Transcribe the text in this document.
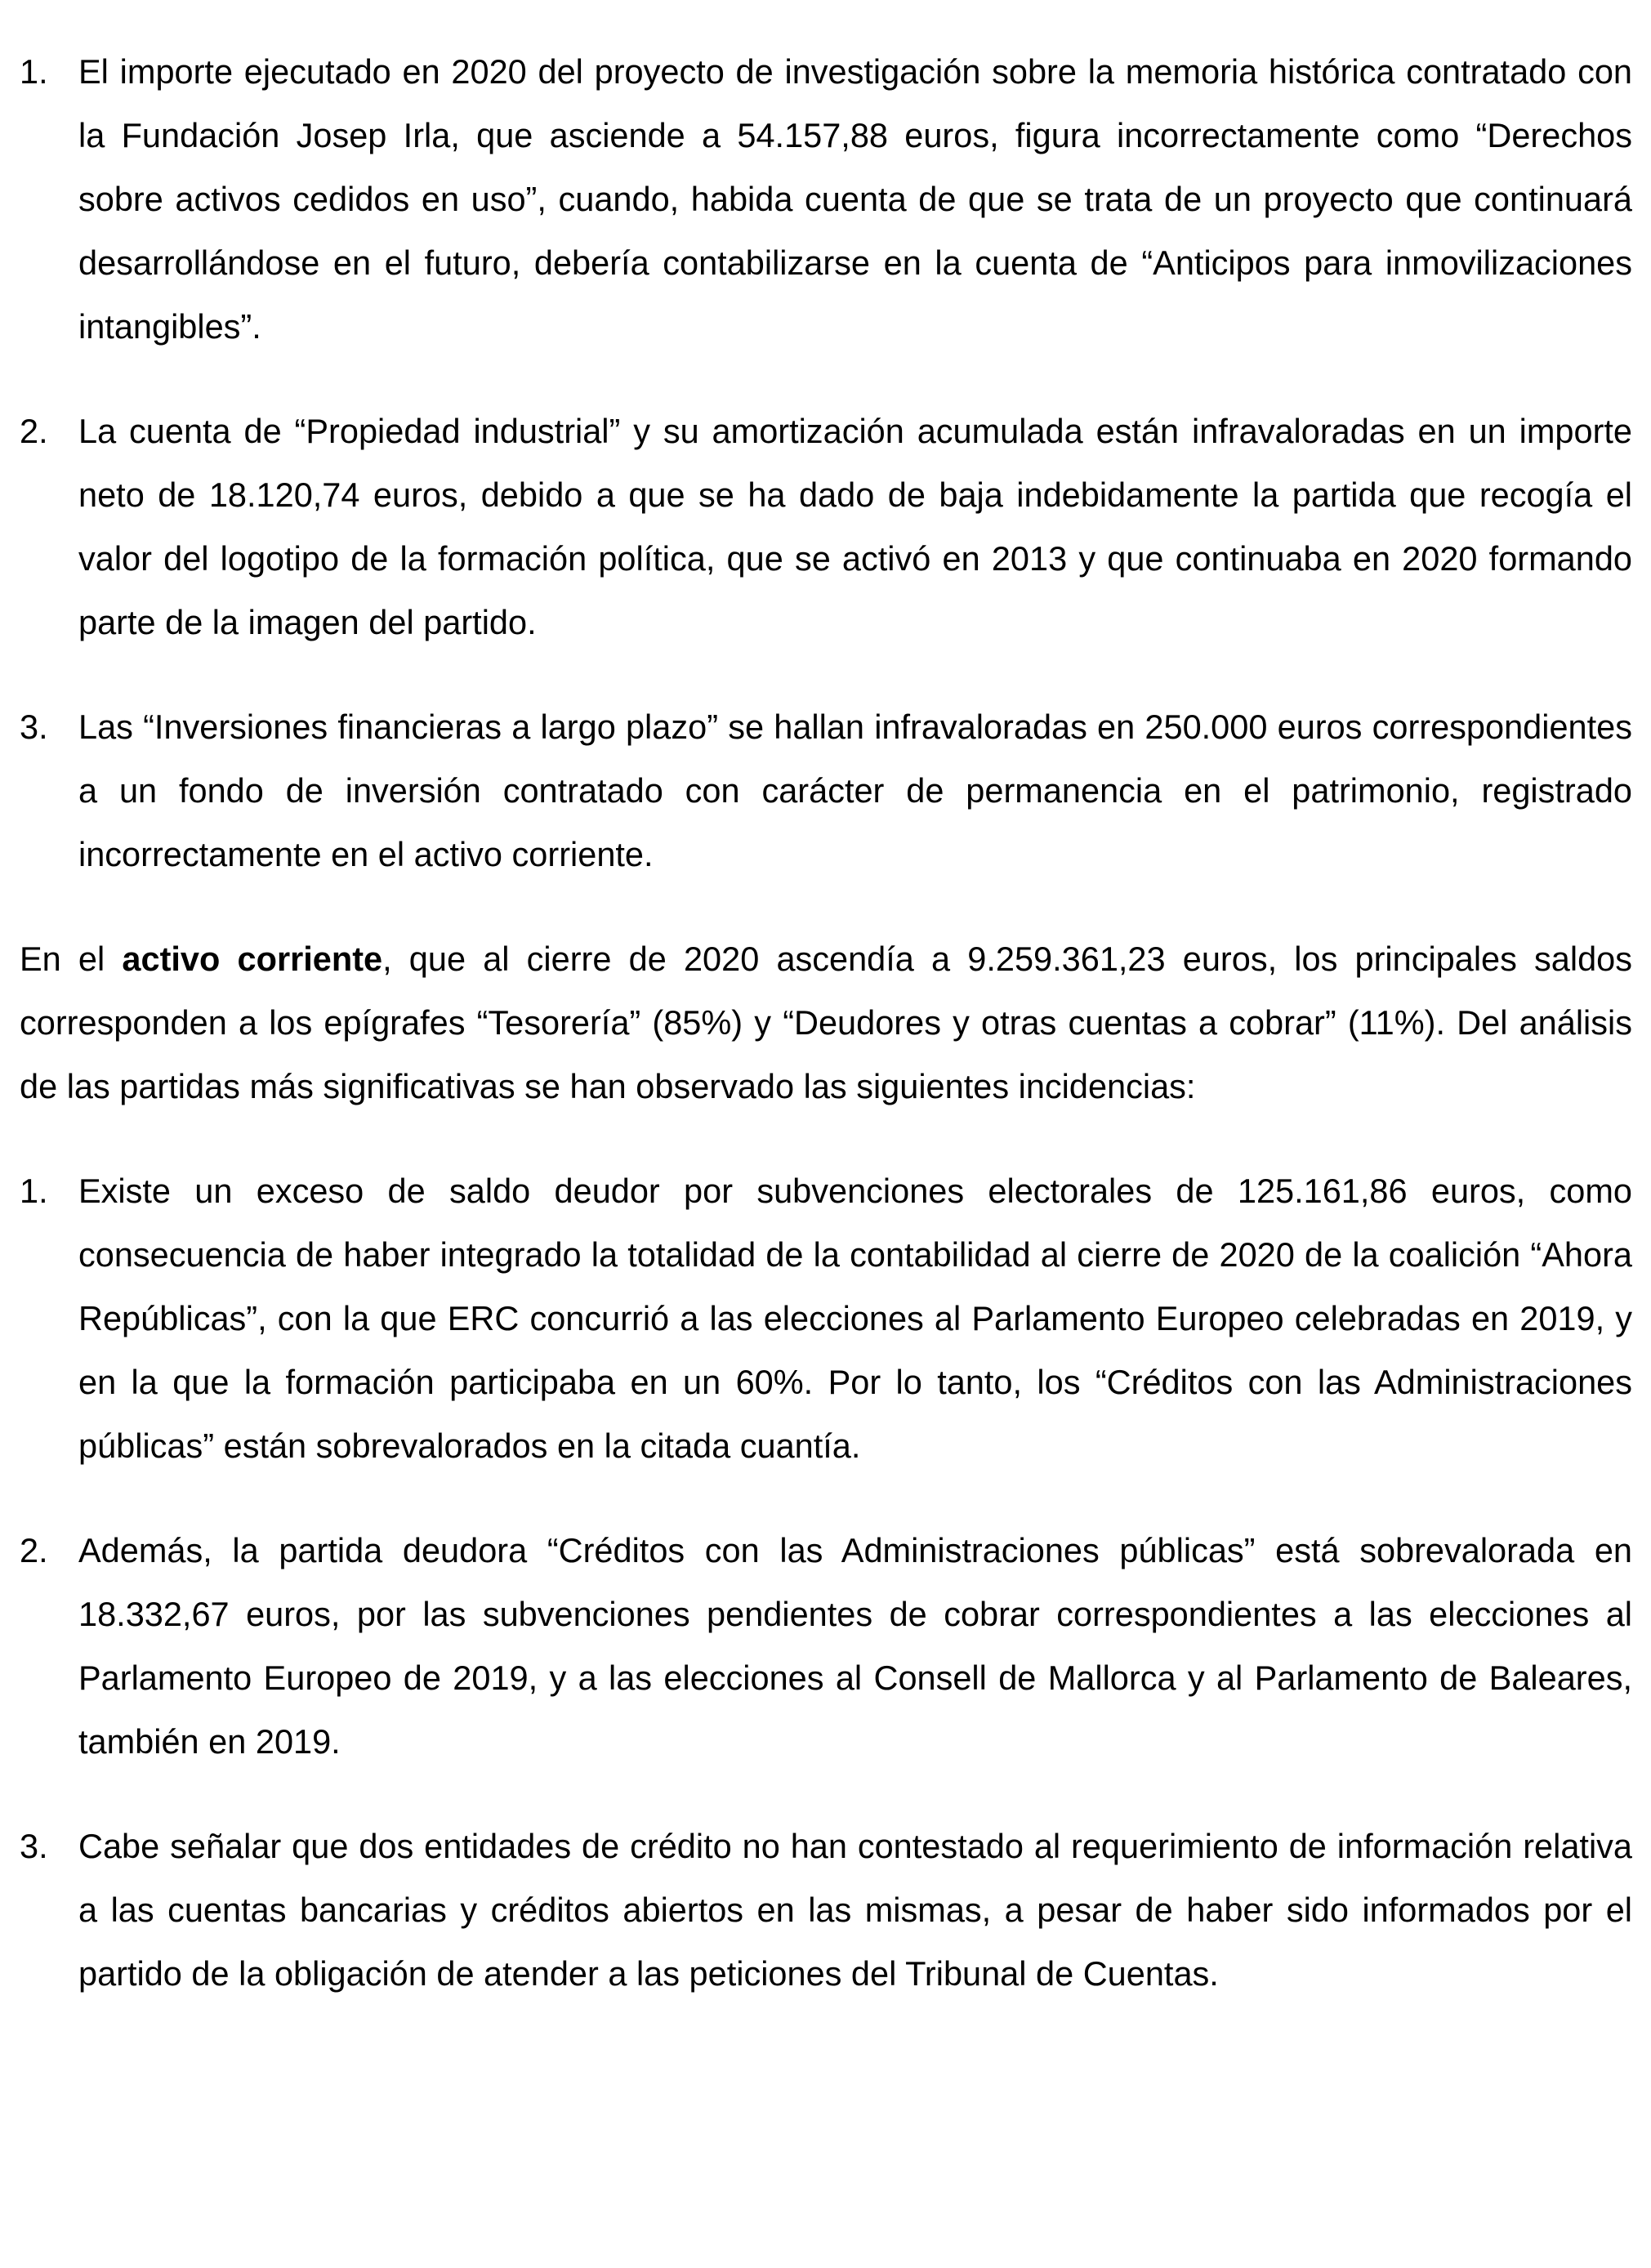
1. El importe ejecutado en 2020 del proyecto de investigación sobre la memoria histórica contratado con la Fundación Josep Irla, que asciende a 54.157,88 euros, figura incorrectamente como “Derechos sobre activos cedidos en uso”, cuando, habida cuenta de que se trata de un proyecto que continuará desarrollándose en el futuro, debería contabilizarse en la cuenta de “Anticipos para inmovilizaciones intangibles”.
2. La cuenta de “Propiedad industrial” y su amortización acumulada están infravaloradas en un importe neto de 18.120,74 euros, debido a que se ha dado de baja indebidamente la partida que recogía el valor del logotipo de la formación política, que se activó en 2013 y que continuaba en 2020 formando parte de la imagen del partido.
3. Las “Inversiones financieras a largo plazo” se hallan infravaloradas en 250.000 euros correspondientes a un fondo de inversión contratado con carácter de permanencia en el patrimonio, registrado incorrectamente en el activo corriente.

En el activo corriente, que al cierre de 2020 ascendía a 9.259.361,23 euros, los principales saldos corresponden a los epígrafes “Tesorería” (85%) y “Deudores y otras cuentas a cobrar” (11%). Del análisis de las partidas más significativas se han observado las siguientes incidencias:

1. Existe un exceso de saldo deudor por subvenciones electorales de 125.161,86 euros, como consecuencia de haber integrado la totalidad de la contabilidad al cierre de 2020 de la coalición “Ahora Repúblicas”, con la que ERC concurrió a las elecciones al Parlamento Europeo celebradas en 2019, y en la que la formación participaba en un 60%. Por lo tanto, los “Créditos con las Administraciones públicas” están sobrevalorados en la citada cuantía.
2. Además, la partida deudora “Créditos con las Administraciones públicas” está sobrevalorada en 18.332,67 euros, por las subvenciones pendientes de cobrar correspondientes a las elecciones al Parlamento Europeo de 2019, y a las elecciones al Consell de Mallorca y al Parlamento de Baleares, también en 2019.
3. Cabe señalar que dos entidades de crédito no han contestado al requerimiento de información relativa a las cuentas bancarias y créditos abiertos en las mismas, a pesar de haber sido informados por el partido de la obligación de atender a las peticiones del Tribunal de Cuentas.
